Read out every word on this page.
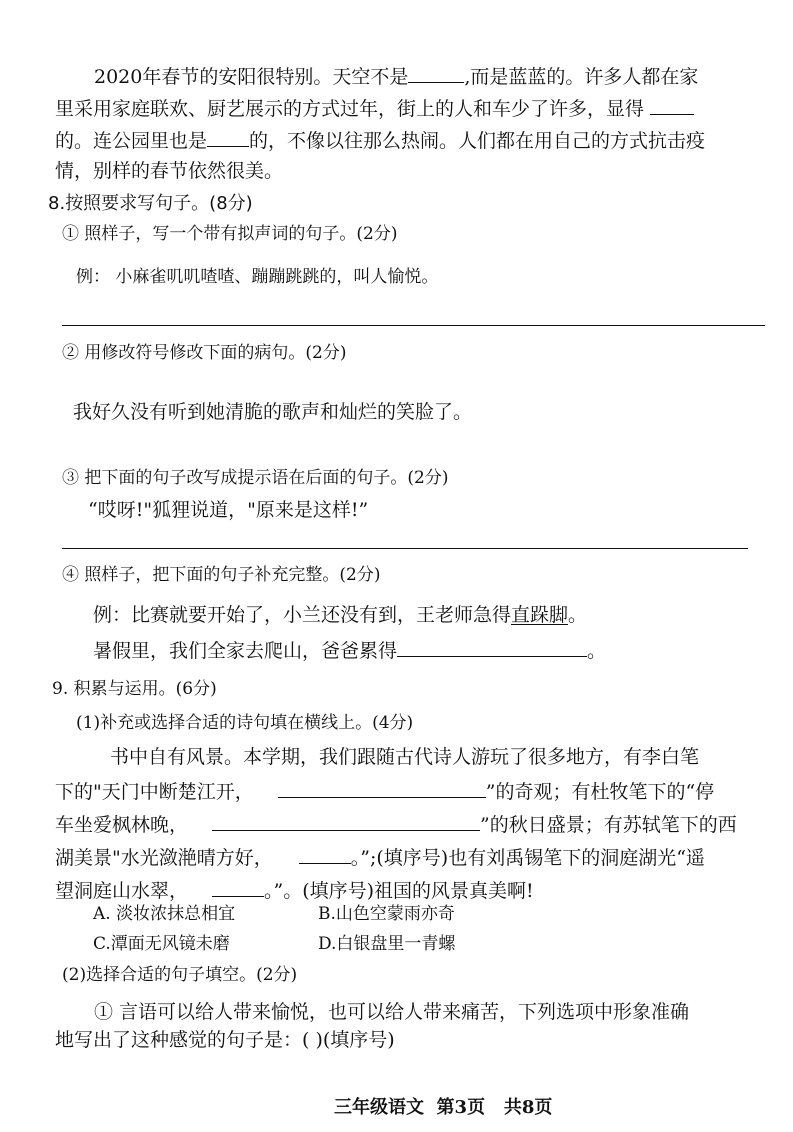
2020年春节的安阳很特别。天空不是	,而是蓝蓝的。许多人都在家
里采用家庭联欢、厨艺展示的方式过年，街上的人和车少了许多，显得
的。连公园里也是 的，不像以往那么热闹。人们都在用自己的方式抗击疫
情，别样的春节依然很美。
8.按照要求写句子。(8分)
① 照样子，写一个带有拟声词的句子。(2分)
例： 小麻雀叽叽喳喳、蹦蹦跳跳的，叫人愉悦。
② 用修改符号修改下面的病句。(2分)
我好久没有听到她清脆的歌声和灿烂的笑脸了。
③ 把下面的句子改写成提示语在后面的句子。(2分)
“哎呀!"狐狸说道，"原来是这样!”
④ 照样子，把下面的句子补充完整。(2分)
例：比赛就要开始了，小兰还没有到，王老师急得直跺脚。
暑假里，我们全家去爬山，爸爸累得	。
9. 积累与运用。(6分)
(1)补充或选择合适的诗句填在横线上。(4分)
书中自有风景。本学期，我们跟随古代诗人游玩了很多地方，有李白笔
下的"天门中断楚江开，	”的奇观；有杜牧笔下的“停
车坐爱枫林晚，	”的秋日盛景；有苏轼笔下的西
湖美景"水光潋滟晴方好，	。”;(填序号)也有刘禹锡笔下的洞庭湖光“遥
望洞庭山水翠，	。”。(填序号)祖国的风景真美啊!
A. 淡妆浓抹总相宜	B.山色空蒙雨亦奇
C.潭面无风镜未磨	D.白银盘里一青螺
(2)选择合适的句子填空。(2分)
① 言语可以给人带来愉悦，也可以给人带来痛苦，下列选项中形象准确
地写出了这种感觉的句子是：( )(填序号)
三年级语文 第3页 共8页
